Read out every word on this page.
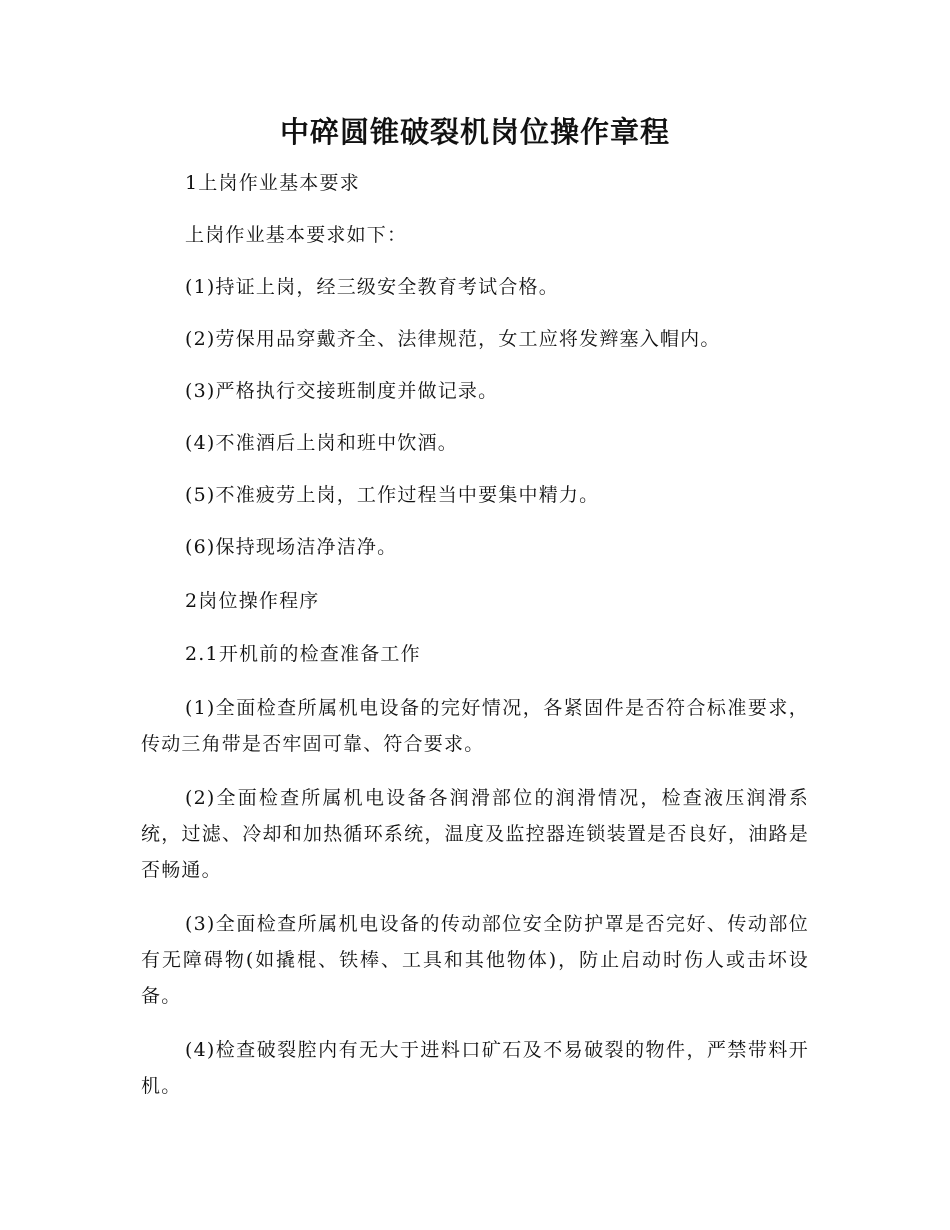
中碎圆锥破裂机岗位操作章程

1上岗作业基本要求

上岗作业基本要求如下：

(1)持证上岗，经三级安全教育考试合格。

(2)劳保用品穿戴齐全、法律规范，女工应将发辫塞入帽内。

(3)严格执行交接班制度并做记录。

(4)不准酒后上岗和班中饮酒。

(5)不准疲劳上岗，工作过程当中要集中精力。

(6)保持现场洁净洁净。

2岗位操作程序

2.1开机前的检查准备工作

(1)全面检查所属机电设备的完好情况，各紧固件是否符合标准要求，传动三角带是否牢固可靠、符合要求。

(2)全面检查所属机电设备各润滑部位的润滑情况，检查液压润滑系统，过滤、冷却和加热循环系统，温度及监控器连锁装置是否良好，油路是否畅通。

(3)全面检查所属机电设备的传动部位安全防护罩是否完好、传动部位有无障碍物(如撬棍、铁棒、工具和其他物体)，防止启动时伤人或击坏设备。

(4)检查破裂腔内有无大于进料口矿石及不易破裂的物件，严禁带料开机。
